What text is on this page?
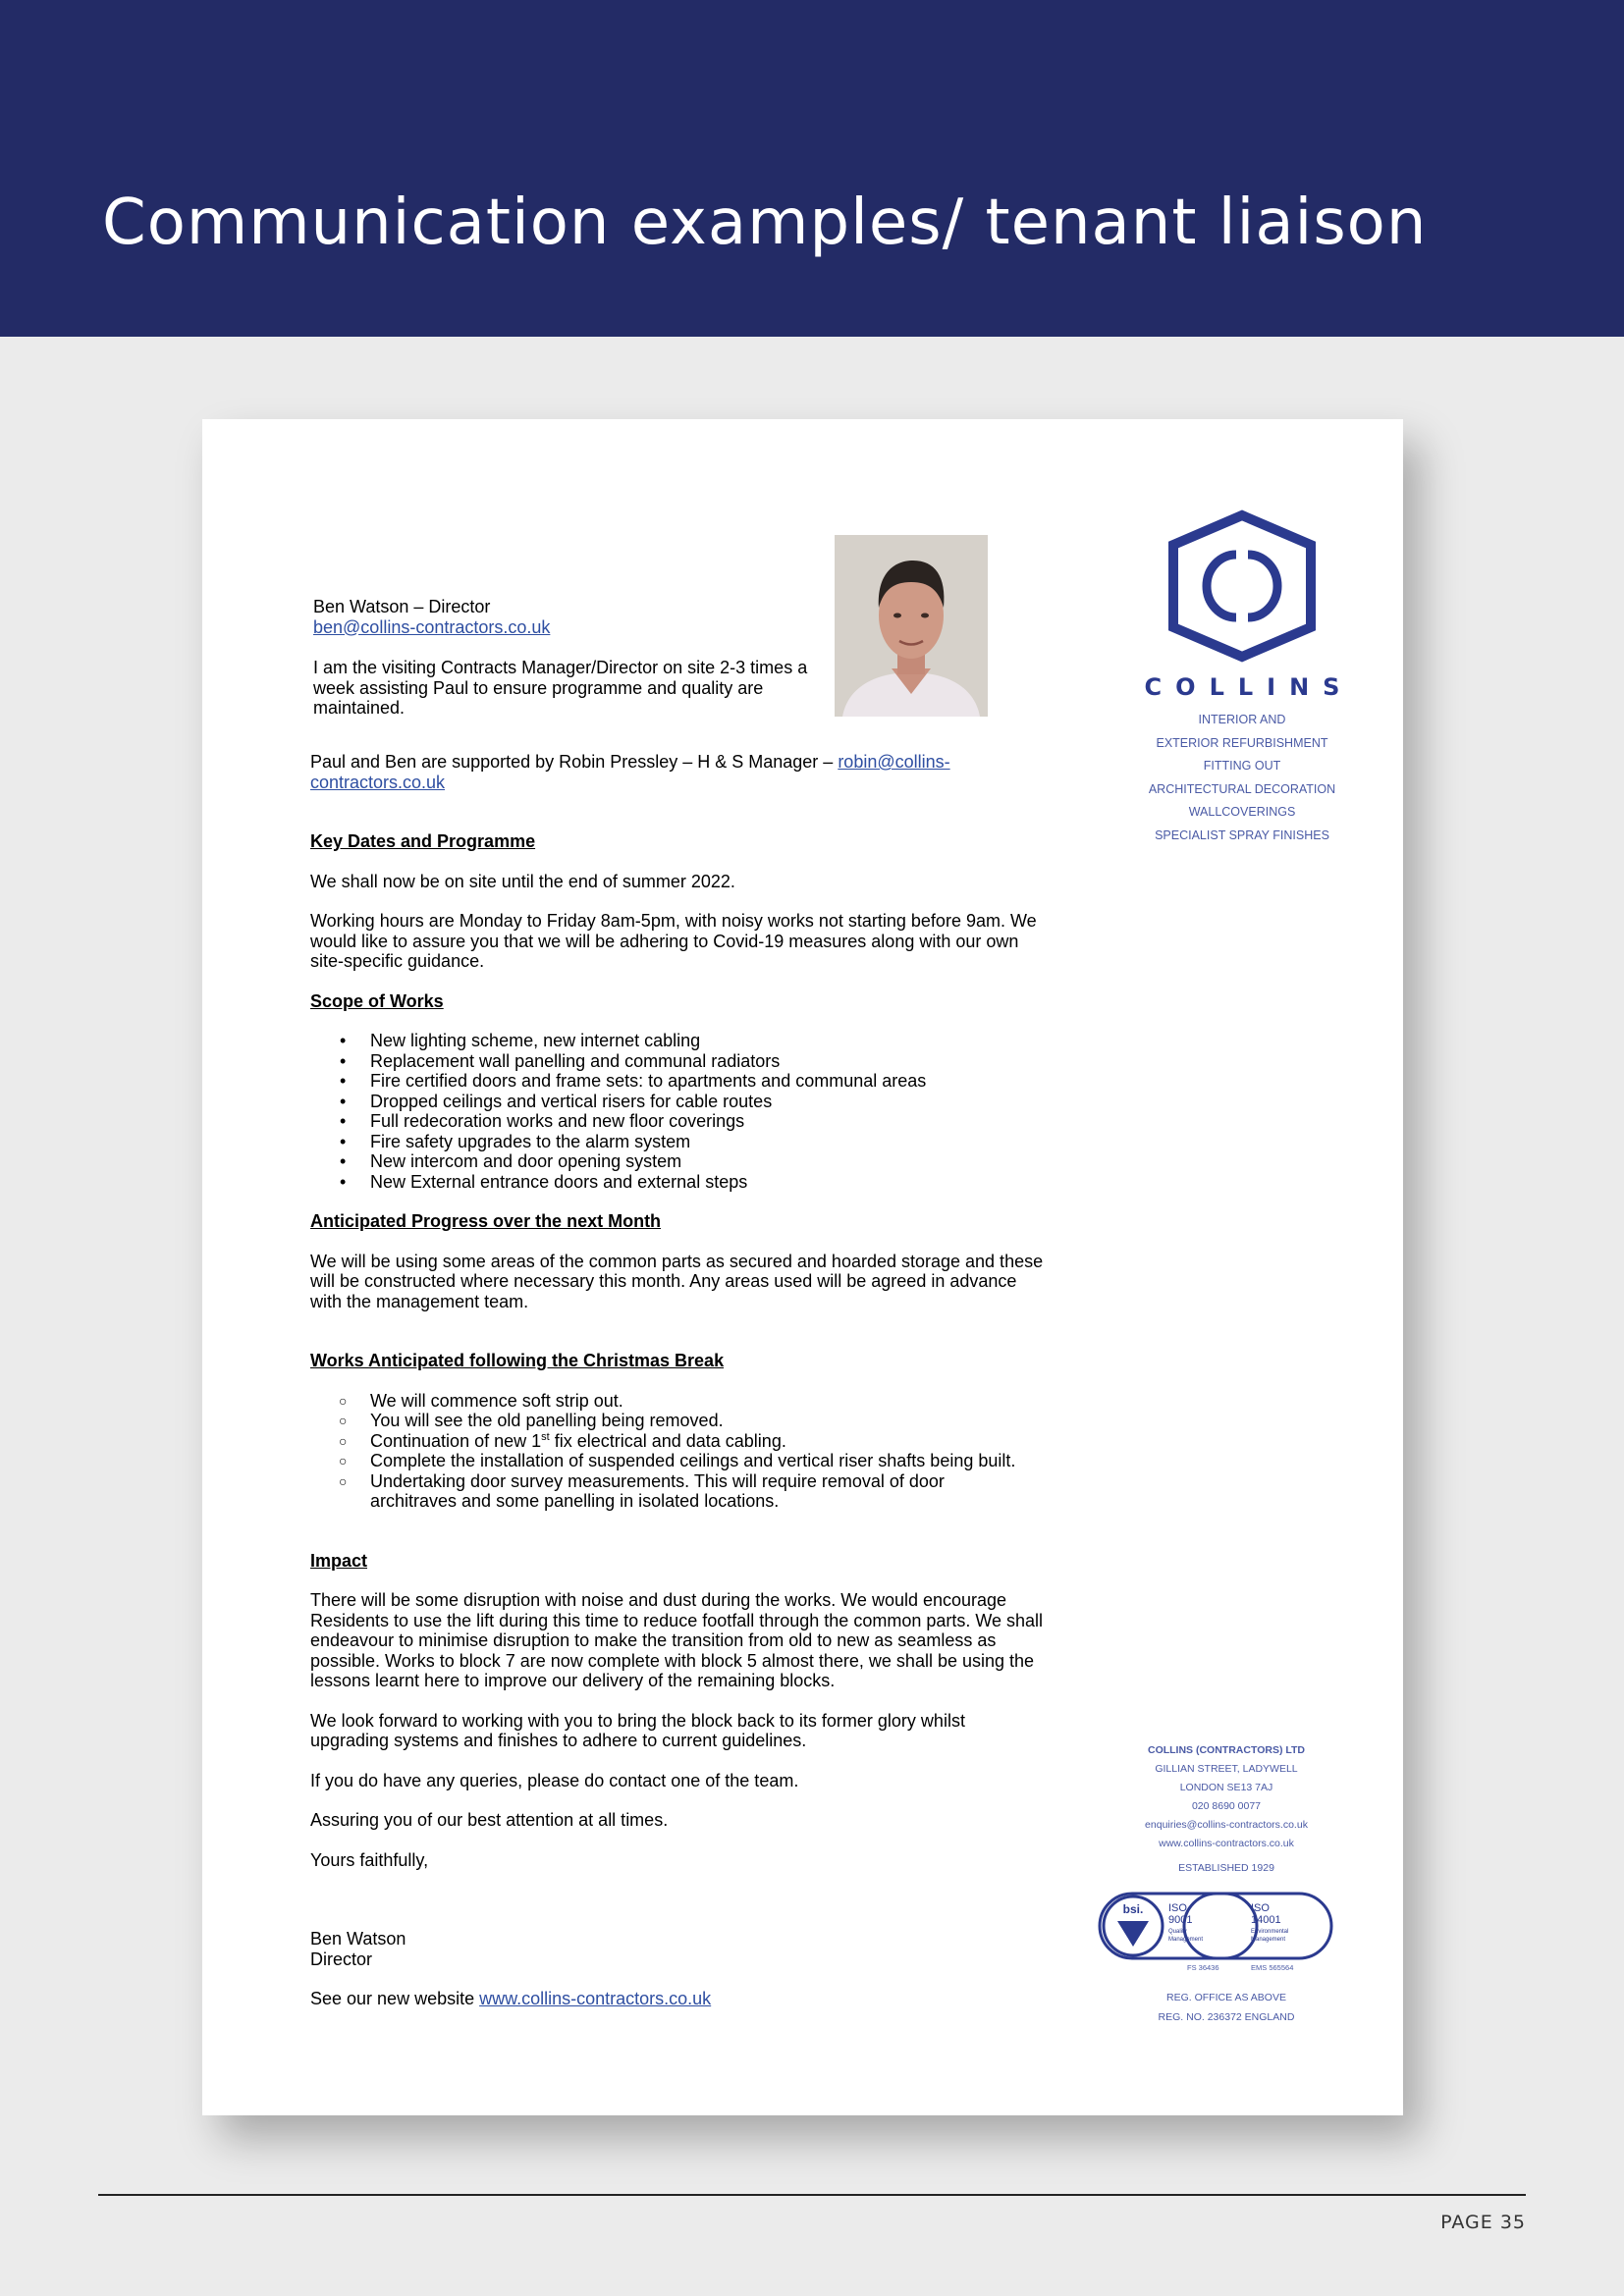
Communication examples/ tenant liaison

Ben Watson – Director

ben@collins-contractors.co.uk

I am the visiting Contracts Manager/Director on site 2-3 times a week assisting Paul to ensure programme and quality are maintained.

Paul and Ben are supported by Robin Pressley – H & S Manager – robin@collins-contractors.co.uk

Key Dates and Programme

We shall now be on site until the end of summer 2022.

Working hours are Monday to Friday 8am-5pm, with noisy works not starting before 9am. We would like to assure you that we will be adhering to Covid-19 measures along with our own site-specific guidance.

Scope of Works

• New lighting scheme, new internet cabling
• Replacement wall panelling and communal radiators
• Fire certified doors and frame sets: to apartments and communal areas
• Dropped ceilings and vertical risers for cable routes
• Full redecoration works and new floor coverings
• Fire safety upgrades to the alarm system
• New intercom and door opening system
• New External entrance doors and external steps

Anticipated Progress over the next Month

We will be using some areas of the common parts as secured and hoarded storage and these will be constructed where necessary this month. Any areas used will be agreed in advance with the management team.

Works Anticipated following the Christmas Break

○ We will commence soft strip out.
○ You will see the old panelling being removed.
○ Continuation of new 1st fix electrical and data cabling.
○ Complete the installation of suspended ceilings and vertical riser shafts being built.
○ Undertaking door survey measurements. This will require removal of door architraves and some panelling in isolated locations.

Impact

There will be some disruption with noise and dust during the works. We would encourage Residents to use the lift during this time to reduce footfall through the common parts. We shall endeavour to minimise disruption to make the transition from old to new as seamless as possible. Works to block 7 are now complete with block 5 almost there, we shall be using the lessons learnt here to improve our delivery of the remaining blocks.

We look forward to working with you to bring the block back to its former glory whilst upgrading systems and finishes to adhere to current guidelines.

If you do have any queries, please do contact one of the team.

Assuring you of our best attention at all times.

Yours faithfully,

Ben Watson

Director

See our new website www.collins-contractors.co.uk

COLLINS
INTERIOR AND
EXTERIOR REFURBISHMENT
FITTING OUT
ARCHITECTURAL DECORATION
WALLCOVERINGS
SPECIALIST SPRAY FINISHES
COLLINS (CONTRACTORS) LTD
GILLIAN STREET, LADYWELL
LONDON SE13 7AJ
020 8690 0077
enquiries@collins-contractors.co.uk
www.collins-contractors.co.uk
ESTABLISHED 1929
bsi. ISO
9001
Quality
Management
ISO
14001
Environmental
Management
FS 36436	EMS 565564
REG. OFFICE AS ABOVE
REG. NO. 236372 ENGLAND
PAGE 35
